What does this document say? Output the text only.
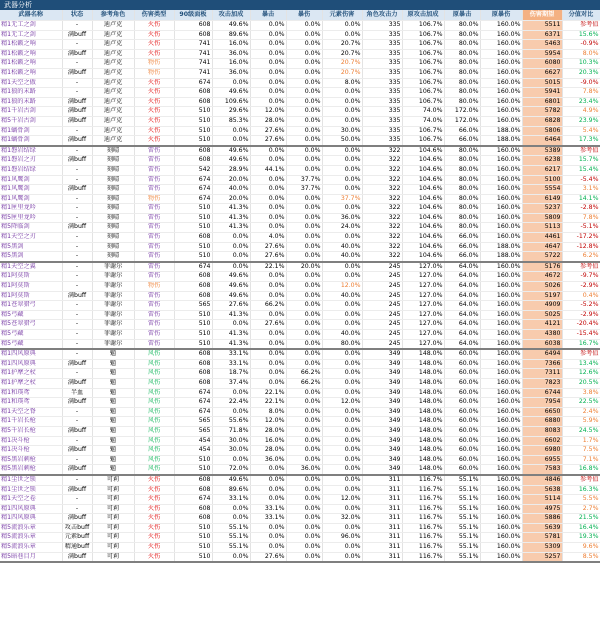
武器分析
武器名称	状态	参考角色	伤害类型	90级面板	攻击加成	暴击	暴伤	元素伤害	角色攻击力	原攻击加成	原暴击	原暴伤	伤害期望	分值对比
精1无工之剑	-	迪卢克	火伤	608	49.6%	0.0%	0.0%	0.0%	335	106.7%	80.0%	160.0%	5511	参考值
精1无工之剑	满buff	迪卢克	火伤	608	89.6%	0.0%	0.0%	0.0%	335	106.7%	80.0%	160.0%	6371	15.6%
精1松籁之响	-	迪卢克	火伤	741	16.0%	0.0%	0.0%	20.7%	335	106.7%	80.0%	160.0%	5463	-0.9%
精1松籁之响	满buff	迪卢克	火伤	741	36.0%	0.0%	0.0%	20.7%	335	106.7%	80.0%	160.0%	5954	8.0%
精1松籁之响	-	迪卢克	物伤	741	16.0%	0.0%	0.0%	20.7%	335	106.7%	80.0%	160.0%	6080	10.3%
精1松籁之响	满buff	迪卢克	物伤	741	36.0%	0.0%	0.0%	20.7%	335	106.7%	80.0%	160.0%	6627	20.3%
精1天空之傲	-	迪卢克	火伤	674	0.0%	0.0%	0.0%	8.0%	335	106.7%	80.0%	160.0%	5015	-9.0%
精1狼的末路	-	迪卢克	火伤	608	49.6%	0.0%	0.0%	0.0%	335	106.7%	80.0%	160.0%	5941	7.8%
精1狼的末路	满buff	迪卢克	火伤	608	109.6%	0.0%	0.0%	0.0%	335	106.7%	80.0%	160.0%	6801	23.4%
精1千岩古剑	满buff	迪卢克	火伤	510	29.6%	12.0%	0.0%	0.0%	335	74.0%	172.0%	160.0%	5782	4.9%
精5千岩古剑	满buff	迪卢克	火伤	510	85.3%	28.0%	0.0%	0.0%	335	74.0%	172.0%	160.0%	6828	23.9%
精1螭骨剑	-	迪卢克	火伤	510	0.0%	27.6%	0.0%	30.0%	335	106.7%	66.0%	188.0%	5806	5.4%
精1螭骨剑	满buff	迪卢克	火伤	510	0.0%	27.6%	0.0%	50.0%	335	106.7%	66.0%	188.0%	6464	17.3%
精1磐岩结绿	-	刻晴	雷伤	608	49.6%	0.0%	0.0%	0.0%	322	104.6%	80.0%	160.0%	5389	参考值
精1磐岩之刃	满buff	刻晴	雷伤	608	49.6%	0.0%	0.0%	0.0%	322	104.6%	80.0%	160.0%	6238	15.7%
精1磐岩结绿	-	刻晴	雷伤	542	28.9%	44.1%	0.0%	0.0%	322	104.6%	80.0%	160.0%	6217	15.4%
精1风鹰剑	-	刻晴	雷伤	674	20.0%	0.0%	37.7%	0.0%	322	104.6%	80.0%	160.0%	5100	-5.4%
精1风鹰剑	满buff	刻晴	雷伤	674	40.0%	0.0%	37.7%	0.0%	322	104.6%	80.0%	160.0%	5554	3.1%
精1风鹰剑	-	刻晴	物伤	674	20.0%	0.0%	0.0%	37.7%	322	104.6%	80.0%	160.0%	6149	14.1%
精1匣里龙吟	-	刻晴	雷伤	510	41.3%	0.0%	0.0%	0.0%	322	104.6%	80.0%	160.0%	5237	-2.8%
精5匣里龙吟	-	刻晴	雷伤	510	41.3%	0.0%	0.0%	36.0%	322	104.6%	80.0%	160.0%	5809	7.8%
精5降临剑	满buff	刻晴	雷伤	510	41.3%	0.0%	0.0%	24.0%	322	104.6%	80.0%	160.0%	5113	-5.1%
精1天空之刃	-	刻晴	雷伤	608	0.0%	4.0%	0.0%	0.0%	322	104.6%	66.0%	160.0%	4461	-17.2%
精5黑剑	-	刻晴	雷伤	510	0.0%	27.6%	0.0%	40.0%	322	104.6%	66.0%	188.0%	4647	-12.8%
精5黑剑	-	刻晴	雷伤	510	0.0%	27.6%	0.0%	40.0%	322	104.6%	66.0%	188.0%	5722	6.2%
精1天空之翼	-	菲谢尔	雷伤	674	0.0%	22.1%	20.0%	0.0%	245	127.0%	64.0%	160.0%	5176	参考值
精1阿莫斯	-	菲谢尔	雷伤	608	49.6%	0.0%	0.0%	0.0%	245	127.0%	64.0%	160.0%	4672	-9.7%
精1阿莫斯	-	菲谢尔	物伤	608	49.6%	0.0%	0.0%	12.0%	245	127.0%	64.0%	160.0%	5026	-2.9%
精1阿莫斯	满buff	菲谢尔	雷伤	608	49.6%	0.0%	0.0%	40.0%	245	127.0%	64.0%	160.0%	5197	0.4%
精1苍翠猎弓	-	菲谢尔	雷伤	565	27.6%	66.2%	0.0%	0.0%	245	127.0%	64.0%	160.0%	4909	-5.2%
精5弓藏	-	菲谢尔	雷伤	510	41.3%	0.0%	0.0%	0.0%	245	127.0%	64.0%	160.0%	5025	-2.9%
精5苍翠猎弓	-	菲谢尔	雷伤	510	0.0%	27.6%	0.0%	0.0%	245	127.0%	64.0%	160.0%	4121	-20.4%
精5弓藏	-	菲谢尔	雷伤	510	41.3%	0.0%	0.0%	40.0%	245	127.0%	64.0%	160.0%	4380	-15.4%
精5弓藏	-	菲谢尔	雷伤	510	41.3%	0.0%	0.0%	80.0%	245	127.0%	64.0%	160.0%	6038	16.7%
精1四风原典	-	魈	风伤	608	33.1%	0.0%	0.0%	0.0%	349	148.0%	60.0%	160.0%	6494	参考值
精1四风原典	满buff	魈	风伤	608	33.1%	0.0%	0.0%	0.0%	349	148.0%	60.0%	160.0%	7366	13.4%
精1护摩之杖	-	魈	风伤	608	18.7%	0.0%	66.2%	0.0%	349	148.0%	60.0%	160.0%	7311	12.6%
精1护摩之杖	满buff	魈	风伤	608	37.4%	0.0%	66.2%	0.0%	349	148.0%	60.0%	160.0%	7823	20.5%
精1和璞鸢	半血	魈	风伤	674	0.0%	22.1%	0.0%	0.0%	349	148.0%	60.0%	160.0%	6744	3.8%
精1和璞鸢	满buff	魈	风伤	674	22.4%	22.1%	0.0%	12.0%	349	148.0%	60.0%	160.0%	7954	22.5%
精1天空之脊	-	魈	风伤	674	0.0%	8.0%	0.0%	0.0%	349	148.0%	60.0%	160.0%	6650	2.4%
精1千岩长枪	-	魈	风伤	565	55.6%	12.0%	0.0%	0.0%	349	148.0%	60.0%	160.0%	6880	5.9%
精5千岩长枪	满buff	魈	风伤	565	71.8%	28.0%	0.0%	0.0%	349	148.0%	60.0%	160.0%	8083	24.5%
精1决斗枪	-	魈	风伤	454	30.0%	16.0%	0.0%	0.0%	349	148.0%	60.0%	160.0%	6602	1.7%
精1决斗枪	满buff	魈	风伤	454	30.0%	28.0%	0.0%	0.0%	349	148.0%	60.0%	160.0%	6980	7.5%
精5黑岩刺枪	-	魈	风伤	510	0.0%	36.0%	0.0%	0.0%	349	148.0%	60.0%	160.0%	6955	7.1%
精5黑岩刺枪	满buff	魈	风伤	510	72.0%	0.0%	36.0%	0.0%	349	148.0%	60.0%	160.0%	7583	16.8%
精1尘世之锁	-	可莉	火伤	608	49.6%	0.0%	0.0%	0.0%	311	116.7%	55.1%	160.0%	4846	参考值
精1尘世之锁	满buff	可莉	火伤	608	89.6%	0.0%	0.0%	0.0%	311	116.7%	55.1%	160.0%	5638	16.3%
精1天空之卷	-	可莉	火伤	674	33.1%	0.0%	0.0%	12.0%	311	116.7%	55.1%	160.0%	5114	5.5%
精1四风原典	-	可莉	火伤	608	0.0%	33.1%	0.0%	0.0%	311	116.7%	55.1%	160.0%	4975	2.7%
精1四风原典	满buff	可莉	火伤	608	0.0%	33.1%	0.0%	32.0%	311	116.7%	55.1%	160.0%	5886	21.5%
精5流浪乐章	攻击buff	可莉	火伤	510	55.1%	0.0%	0.0%	0.0%	311	116.7%	55.1%	160.0%	5639	16.4%
精5流浪乐章	元素buff	可莉	火伤	510	55.1%	0.0%	0.0%	96.0%	311	116.7%	55.1%	160.0%	5781	19.3%
精5流浪乐章	精通buff	可莉	火伤	510	55.1%	0.0%	0.0%	0.0%	311	116.7%	55.1%	160.0%	5309	9.6%
精5暗巷目月	满buff	可莉	火伤	510	0.0%	27.6%	0.0%	0.0%	311	116.7%	55.1%	160.0%	5257	8.5%
